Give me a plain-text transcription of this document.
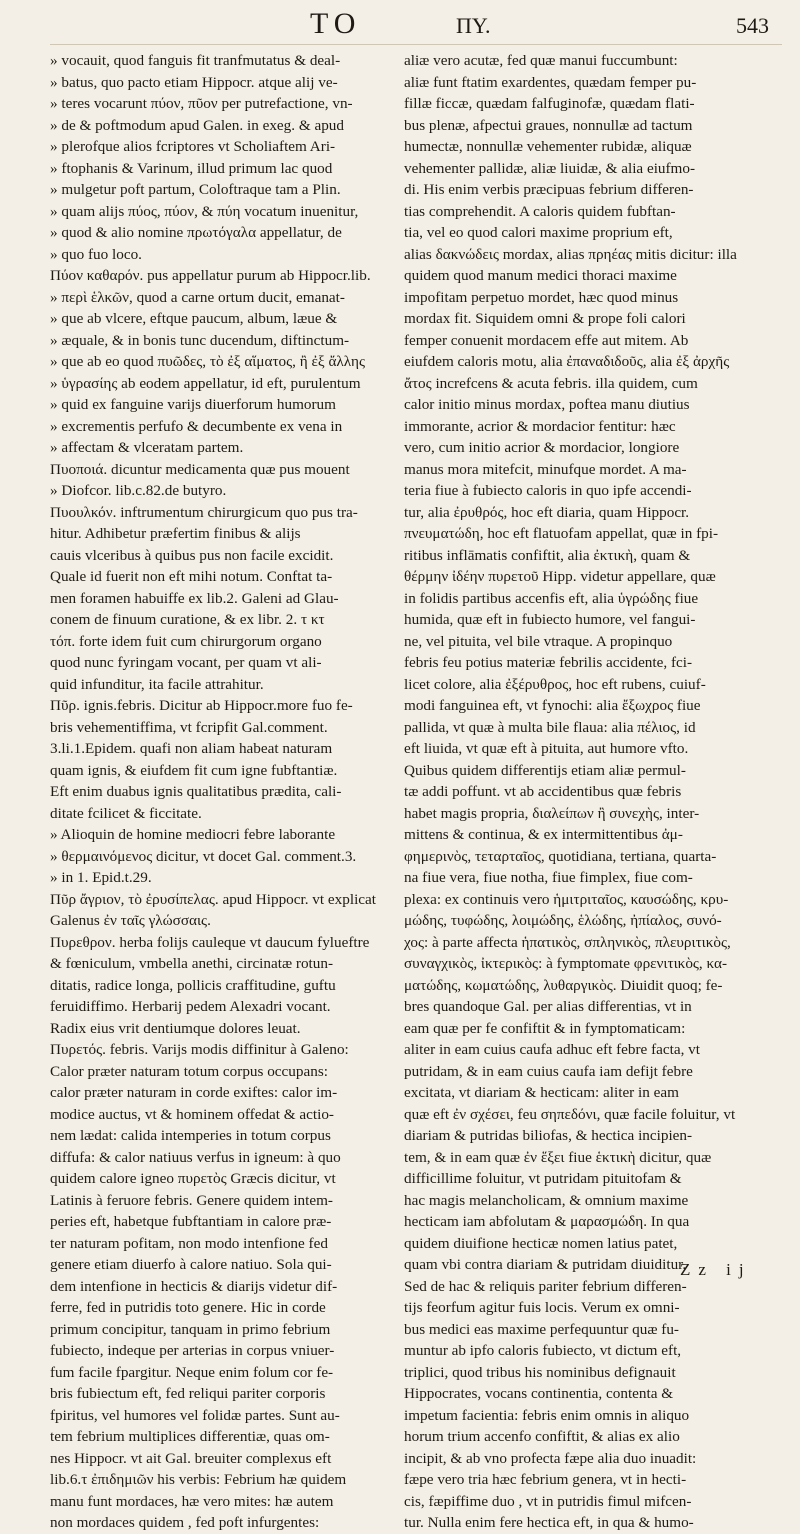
TO	ΠΥ.	543
» vocauit, quod fanguis fit tranfmutatus & deal-
» batus, quo pacto etiam Hippocr. atque alij ve-
» teres vocarunt πύον, πῦον per putrefactione, vn-
» de & poftmodum apud Galen. in exeg. & apud
» plerofque alios fcriptores vt Scholiaftem Ari-
» ftophanis & Varinum, illud primum lac quod
» mulgetur poft partum, Coloftraque tam a Plin.
» quam alijs πύος, πύον, & πύη vocatum inuenitur,
» quod & alio nomine πρωτόγαλα appellatur, de
» quo fuo loco.
Πύον καθαρόν. pus appellatur purum ab Hippocr.lib.
» περὶ ἑλκῶν, quod a carne ortum ducit, emanat-
» que ab vlcere, eftque paucum, album, læue &
» æquale, & in bonis tunc ducendum, diftinctum-
» que ab eo quod πυῶδες, τὸ ἐξ αἵματος, ἢ ἐξ ἄλλης
» ὑγρασίης ab eodem appellatur, id eft, purulentum
» quid ex fanguine varijs diuerforum humorum
» excrementis perfufo & decumbente ex vena in
» affectam & vlceratam partem.
Πυοποιά. dicuntur medicamenta quæ pus mouent
» Diofcor. lib.c.82.de butyro.
Πυουλκόν. inftrumentum chirurgicum quo pus tra-
hitur. Adhibetur præfertim finibus & alijs
cauis vlceribus à quibus pus non facile excidit.
Quale id fuerit non eft mihi notum. Conftat ta-
men foramen habuiffe ex lib.2. Galeni ad Glau-
conem de finuum curatione, & ex libr. 2. τ κτ
τόπ. forte idem fuit cum chirurgorum organo
quod nunc fyringam vocant, per quam vt ali-
quid infunditur, ita facile attrahitur.
Πῦρ. ignis.febris. Dicitur ab Hippocr.more fuo fe-
bris vehementiffima, vt fcripfit Gal.comment.
3.li.1.Epidem. quafi non aliam habeat naturam
quam ignis, & eiufdem fit cum igne fubftantiæ.
Eft enim duabus ignis qualitatibus prædita, cali-
ditate fcilicet & ficcitate.
» Alioquin de homine mediocri febre laborante
» θερμαινόμενος dicitur, vt docet Gal. comment.3.
» in 1. Epid.t.29.
Πῦρ ἄγριον, τὸ ἐρυσίπελας. apud Hippocr. vt explicat
Galenus ἐν ταῖς γλώσσαις.
Πυρεθρον. herba folijs cauleque vt daucum fylueftre
& fœniculum, vmbella anethi, circinatæ rotun-
ditatis, radice longa, pollicis craffitudine, guftu
feruidiffimo. Herbarij pedem Alexadri vocant.
Radix eius vrit dentiumque dolores leuat.
Πυρετός. febris. Varijs modis diffinitur à Galeno:
Calor præter naturam totum corpus occupans:
calor præter naturam in corde exiftes: calor im-
modice auctus, vt & hominem offedat & actio-
nem lædat: calida intemperies in totum corpus
diffufa: & calor natiuus verfus in igneum: à quo
quidem calore igneo πυρετὸς Græcis dicitur, vt
Latinis à feruore febris. Genere quidem intem-
peries eft, habetque fubftantiam in calore præ-
ter naturam pofitam, non modo intenfione fed
genere etiam diuerfo à calore natiuo. Sola qui-
dem intenfione in hecticis & diarijs videtur dif-
ferre, fed in putridis toto genere. Hic in corde
primum concipitur, tanquam in primo febrium
fubiecto, indeque per arterias in corpus vniuer-
fum facile fpargitur. Neque enim folum cor fe-
bris fubiectum eft, fed reliqui pariter corporis
fpiritus, vel humores vel folidæ partes. Sunt au-
tem febrium multiplices differentiæ, quas om-
nes Hippocr. vt ait Gal. breuiter complexus eft
lib.6.τ ἐπιδημιῶν his verbis: Febrium hæ quidem
manu funt mordaces, hæ vero mites: hæ autem
non mordaces quidem , fed poft infurgentes:
aliæ vero acutæ, fed quæ manui fuccumbunt:
aliæ funt ftatim exardentes, quædam femper pu-
fillæ ficcæ, quædam falfuginofæ, quædam flati-
bus plenæ, afpectui graues, nonnullæ ad tactum
humectæ, nonnullæ vehementer rubidæ, aliquæ
vehementer pallidæ, aliæ liuidæ, & alia eiufmo-
di. His enim verbis præcipuas febrium differen-
tias comprehendit. A caloris quidem fubftan-
tia, vel eo quod calori maxime proprium eft,
alias δακνώδεις mordax, alias πρηέας mitis dicitur: illa
quidem quod manum medici thoraci maxime
impofitam perpetuo mordet, hæc quod minus
mordax fit. Siquidem omni & prope foli calori
femper conuenit mordacem effe aut mitem. Ab
eiufdem caloris motu, alia ἐπαναδιδοῦς, alia ἐξ ἀρχῆς
ἄτος increfcens & acuta febris. illa quidem, cum
calor initio minus mordax, poftea manu diutius
immorante, acrior & mordacior fentitur: hæc
vero, cum initio acrior & mordacior, longiore
manus mora mitefcit, minufque mordet. A ma-
teria fiue à fubiecto caloris in quo ipfe accendi-
tur, alia ἐρυθρός, hoc eft diaria, quam Hippocr.
πνευματώδη, hoc eft flatuofam appellat, quæ in fpi-
ritibus inflāmatis confiftit, alia ἐκτικὴ, quam &
θέρμην ἰδέην πυρετοῦ Hipp. videtur appellare, quæ
in folidis partibus accenfis eft, alia ὑγρώδης fiue
humida, quæ eft in fubiecto humore, vel fangui-
ne, vel pituita, vel bile vtraque. A propinquo
febris feu potius materiæ febrilis accidente, fci-
licet colore, alia ἐξέρυθρος, hoc eft rubens, cuiuf-
modi fanguinea eft, vt fynochi: alia ἔξωχρος fiue
pallida, vt quæ à multa bile flaua: alia πέλιος, id
eft liuida, vt quæ eft à pituita, aut humore vfto.
Quibus quidem differentijs etiam aliæ permul-
tæ addi poffunt. vt ab accidentibus quæ febris
habet magis propria, διαλείπων ἢ συνεχὴς, inter-
mittens & continua, & ex intermittentibus ἀμ-
φημερινὸς, τεταρταῖος, quotidiana, tertiana, quarta-
na fiue vera, fiue notha, fiue fimplex, fiue com-
plexa: ex continuis vero ἡμιτριταῖος, καυσώδης, κρυ-
μώδης, τυφώδης, λοιμώδης, ἑλώδης, ἠπίαλος, συνό-
χος: à parte affecta ἡπατικὸς, σπληνικὸς, πλευριτικὸς,
συναγχικὸς, ἰκτερικὸς: à fymptomate φρενιτικὸς, κα-
ματώδης, κωματώδης, λυθαργικὸς. Diuidit quoq; fe-
bres quandoque Gal. per alias differentias, vt in
eam quæ per fe confiftit & in fymptomaticam:
aliter in eam cuius caufa adhuc eft febre facta, vt
putridam, & in eam cuius caufa iam defijt febre
excitata, vt diariam & hecticam: aliter in eam
quæ eft ἐν σχέσει, feu σηπεδόνι, quæ facile foluitur, vt
diariam & putridas biliofas, & hectica incipien-
tem, & in eam quæ ἐν ἕξει fiue ἑκτικὴ dicitur, quæ
difficillime foluitur, vt putridam pituitofam &
hac magis melancholicam, & omnium maxime
hecticam iam abfolutam & μαρασμώδη. In qua
quidem diuifione hecticæ nomen latius patet,
quam vbi contra diariam & putridam diuiditur.
Sed de hac & reliquis pariter febrium differen-
tijs feorfum agitur fuis locis. Verum ex omni-
bus medici eas maxime perfequuntur quæ fu-
muntur ab ipfo caloris fubiecto, vt dictum eft,
triplici, quod tribus his nominibus defignauit
Hippocrates, vocans continentia, contenta &
impetum facientia: febris enim omnis in aliquo
horum trium accenfo confiftit, & alias ex alio
incipit, & ab vno profecta fæpe alia duo inuadit:
fæpe vero tria hæc febrium genera, vt in hecti-
cis, fæpiffime duo , vt in putridis fimul mifcen-
tur. Nulla enim fere hectica eft, in qua & humo-
Zz ij
